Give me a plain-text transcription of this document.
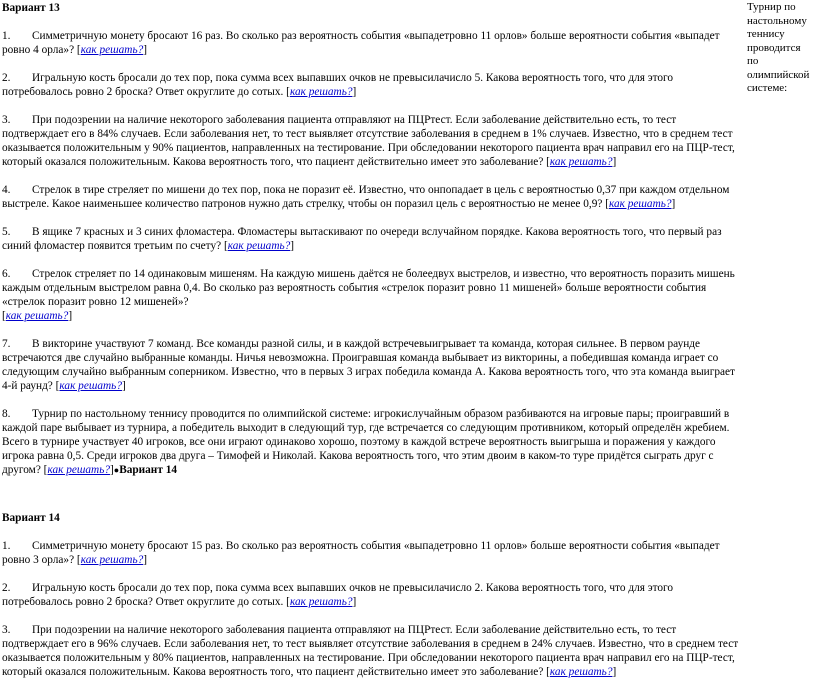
Вариант 13
1. Симметричную монету бросают 16 раз. Во сколько раз вероятность события «выпадетровно 11 орлов» больше вероятности события «выпадет ровно 4 орла»? [как решать?]
2. Игральную кость бросали до тех пор, пока сумма всех выпавших очков не превысилачисло 5. Какова вероятность того, что для этого потребовалось ровно 2 броска? Ответ округлите до сотых. [как решать?]
3. При подозрении на наличие некоторого заболевания пациента отправляют на ПЦРтест. Если заболевание действительно есть, то тест подтверждает его в 84% случаев. Если заболевания нет, то тест выявляет отсутствие заболевания в среднем в 1% случаев. Известно, что в среднем тест оказывается положительным у 90% пациентов, направленных на тестирование. При обследовании некоторого пациента врач направил его на ПЦР-тест, который оказался положительным. Какова вероятность того, что пациент действительно имеет это заболевание? [как решать?]
4. Стрелок в тире стреляет по мишени до тех пор, пока не поразит её. Известно, что онпопадает в цель с вероятностью 0,37 при каждом отдельном выстреле. Какое наименьшее количество патронов нужно дать стрелку, чтобы он поразил цель с вероятностью не менее 0,9? [как решать?]
5. В ящике 7 красных и 3 синих фломастера. Фломастеры вытаскивают по очереди вслучайном порядке. Какова вероятность того, что первый раз синий фломастер появится третьим по счету? [как решать?]
6. Стрелок стреляет по 14 одинаковым мишеням. На каждую мишень даётся не болеедвух выстрелов, и известно, что вероятность поразить мишень каждым отдельным выстрелом равна 0,4. Во сколько раз вероятность события «стрелок поразит ровно 11 мишеней» больше вероятности события «стрелок поразит ровно 12 мишеней»?
[как решать?]
7. В викторине участвуют 7 команд. Все команды разной силы, и в каждой встречевыигрывает та команда, которая сильнее. В первом раунде встречаются две случайно выбранные команды. Ничья невозможна. Проигравшая команда выбывает из викторины, а победившая команда играет со следующим случайно выбранным соперником. Известно, что в первых 3 играх победила команда А. Какова вероятность того, что эта команда выиграет 4-й раунд? [как решать?]
8. Турнир по настольному теннису проводится по олимпийской системе: игрокислучайным образом разбиваются на игровые пары; проигравший в каждой паре выбывает из турнира, а победитель выходит в следующий тур, где встречается со следующим противником, который определён жребием. Всего в турнире участвует 40 игроков, все они играют одинаково хорошо, поэтому в каждой встрече вероятность выигрыша и поражения у каждого игрока равна 0,5. Среди игроков два друга – Тимофей и Николай. Какова вероятность того, что этим двоим в каком-то туре придётся сыграть друг с другом? [как решать?]●Вариант 14
Вариант 14
1. Симметричную монету бросают 15 раз. Во сколько раз вероятность события «выпадетровно 11 орлов» больше вероятности события «выпадет ровно 3 орла»? [как решать?]
2. Игральную кость бросали до тех пор, пока сумма всех выпавших очков не превысилачисло 2. Какова вероятность того, что для этого потребовалось ровно 2 броска? Ответ округлите до сотых. [как решать?]
3. При подозрении на наличие некоторого заболевания пациента отправляют на ПЦРтест. Если заболевание действительно есть, то тест подтверждает его в 96% случаев. Если заболевания нет, то тест выявляет отсутствие заболевания в среднем в 24% случаев. Известно, что в среднем тест оказывается положительным у 80% пациентов, направленных на тестирование. При обследовании некоторого пациента врач направил его на ПЦР-тест, который оказался положительным. Какова вероятность того, что пациент действительно имеет это заболевание? [как решать?]
Турнир по настольному теннису проводится по олимпийской системе:
